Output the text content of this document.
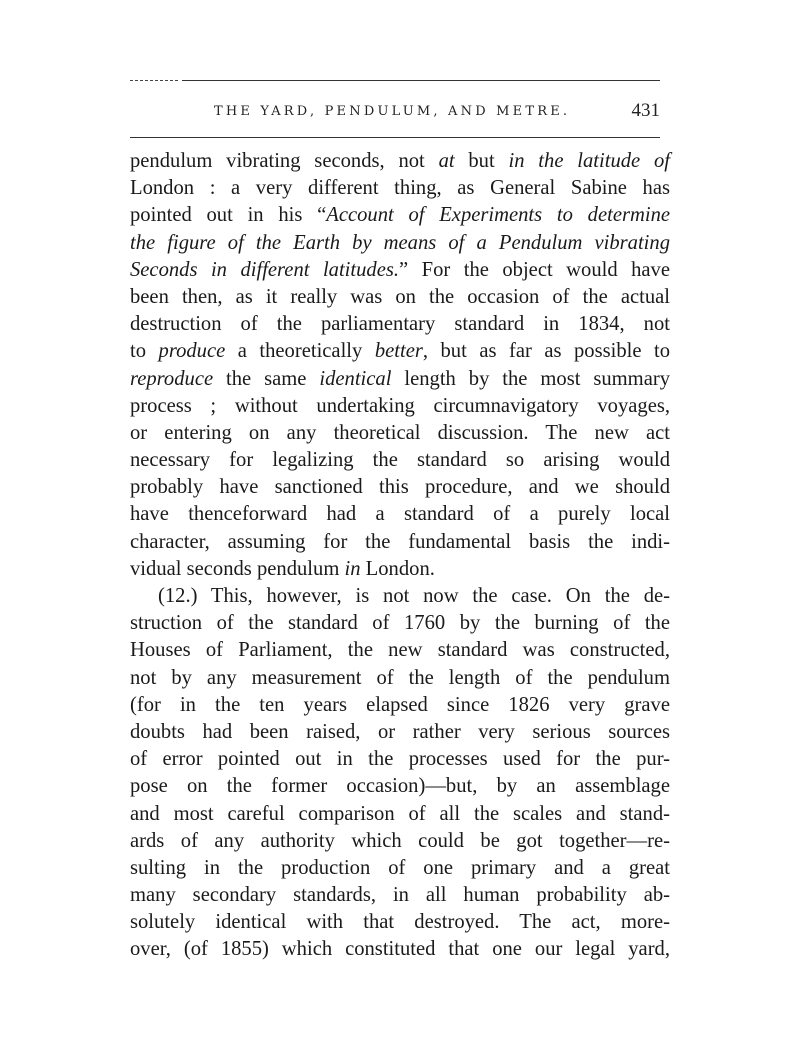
THE YARD, PENDULUM, AND METRE.	431
pendulum vibrating seconds, not at but in the latitude of
London : a very different thing, as General Sabine has
pointed out in his “Account of Experiments to determine
the figure of the Earth by means of a Pendulum vibrating
Seconds in different latitudes.” For the object would have
been then, as it really was on the occasion of the actual
destruction of the parliamentary standard in 1834, not
to produce a theoretically better, but as far as possible to
reproduce the same identical length by the most summary
process ; without undertaking circumnavigatory voyages,
or entering on any theoretical discussion. The new act
necessary for legalizing the standard so arising would
probably have sanctioned this procedure, and we should
have thenceforward had a standard of a purely local
character, assuming for the fundamental basis the indi-
vidual seconds pendulum in London.
(12.) This, however, is not now the case. On the de-
struction of the standard of 1760 by the burning of the
Houses of Parliament, the new standard was constructed,
not by any measurement of the length of the pendulum
(for in the ten years elapsed since 1826 very grave
doubts had been raised, or rather very serious sources
of error pointed out in the processes used for the pur-
pose on the former occasion)—but, by an assemblage
and most careful comparison of all the scales and stand-
ards of any authority which could be got together—re-
sulting in the production of one primary and a great
many secondary standards, in all human probability ab-
solutely identical with that destroyed. The act, more-
over, (of 1855) which constituted that one our legal yard,
